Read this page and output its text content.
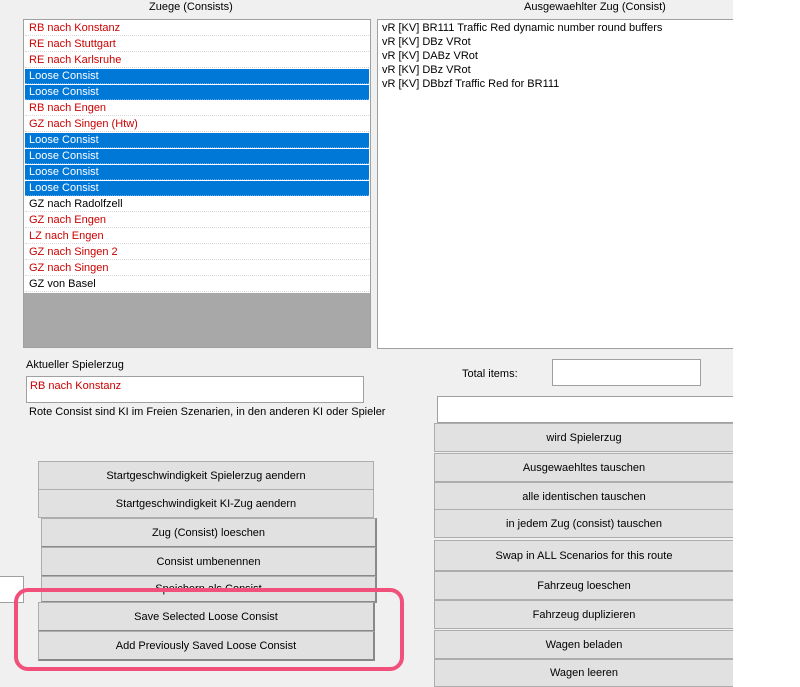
Zuege (Consists)	Ausgewaehlter Zug (Consist)
RB nach Konstanz
RE nach Stuttgart
RE nach Karlsruhe
Loose Consist
Loose Consist
RB nach Engen
GZ nach Singen (Htw)
Loose Consist
Loose Consist
Loose Consist
Loose Consist
GZ nach Radolfzell
GZ nach Engen
LZ nach Engen
GZ nach Singen 2
GZ nach Singen
GZ von Basel
vR [KV] BR111 Traffic Red dynamic number round buffers
vR [KV] DBz VRot
vR [KV] DABz VRot
vR [KV] DBz VRot
vR [KV] DBbzf Traffic Red for BR111
Aktueller Spielerzug
RB nach Konstanz
Rote Consist sind KI im Freien Szenarien, in den anderen KI oder Spieler
Total items:
Startgeschwindigkeit Spielerzug aendern
Startgeschwindigkeit KI-Zug aendern
Zug (Consist) loeschen
Consist umbenennen
Speichern als Consist
Save Selected Loose Consist
Add Previously Saved Loose Consist
wird Spielerzug
Ausgewaehltes tauschen
alle identischen tauschen
in jedem Zug (consist) tauschen
Swap in ALL Scenarios for this route
Fahrzeug loeschen
Fahrzeug duplizieren
Wagen beladen
Wagen leeren
